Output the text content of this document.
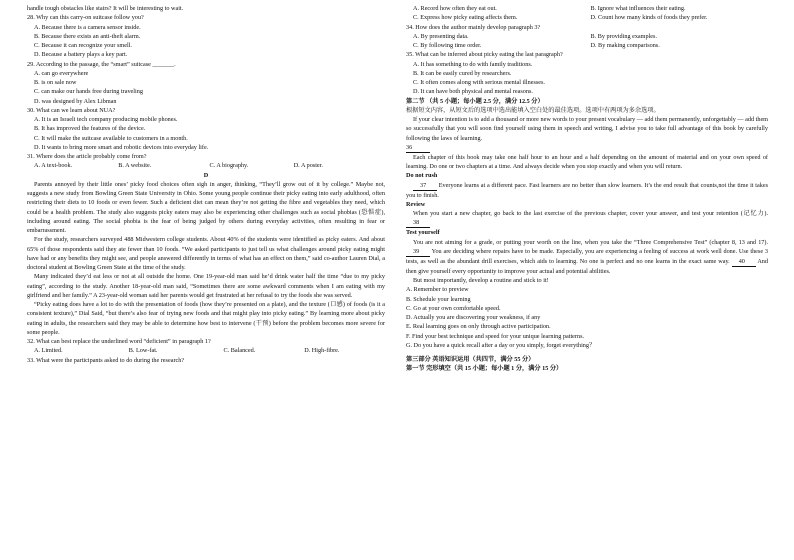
handle tough obstacles like stairs? It will be interesting to wait.
28. Why can this carry-on suitcase follow you?
A. Because there is a camera sensor inside.
B. Because there exists an anti-theft alarm.
C. Because it can recognize your smell.
D. Because a battery plays a key part.
29. According to the passage, the “smart” suitcase _______.
A. can go everywhere
B. is on sale now
C. can make our hands free during traveling
D. was designed by Alex Libman
30. What can we learn about NUA?
A. It is an Israeli tech company producing mobile phones.
B. It has improved the features of the device.
C. It will make the suitcase available to customers in a month.
D. It wants to bring more smart and robotic devices into everyday life.
31. Where does the article probably come from?
A. A text-book.	B. A website.	C. A biography.	D. A poster.
D

Parents annoyed by their little ones’ picky food choices often sigh in anger, thinking, “They’ll grow out of it by college.” Maybe not, suggests a new study from Bowling Green State University in Ohio. Some young people continue their picky eating into early adulthood, often restricting their diets to 10 foods or even fewer. Such a deficient diet can mean they’re not getting the fibre and vegetables they need, which could be a health problem. The study also suggests picky eaters may also be experiencing other challenges such as social phobias (恐惧症), including around eating. The social phobia is the fear of being judged by others during everyday activities, often resulting in fear or embarrassment.

For the study, researchers surveyed 488 Midwestern college students. About 40% of the students were identified as picky eaters. And about 65% of those respondents said they ate fewer than 10 foods. “We asked participants to just tell us what challenges around picky eating might have had or any benefits they might see, and people answered differently in terms of what has an effect on them,” said co-author Lauren Dial, a doctoral student at Bowling Green State at the time of the study.

Many indicated they’d eat less or not at all outside the home. One 19-year-old man said he’d drink water half the time “due to my picky eating”, according to the study. Another 18-year-old man said, “Sometimes there are some awkward comments when I am eating with my girlfriend and her family.” A 23-year-old woman said her parents would get frustrated at her refusal to try the foods she was served.

“Picky eating does have a lot to do with the presentation of foods (how they’re presented on a plate), and the texture (口感) of foods (is it a consistent texture),” Dial Said, “but there’s also fear of trying new foods and that might play into picky eating.” By learning more about picky eating in adults, the researchers said they may be able to determine how best to intervene (干预) before the problem becomes more severe for some people.

32. What can best replace the underlined word “deficient” in paragraph 1?
A. Limited.	B. Low-fat.	C. Balanced.	D. High-fibre.
33. What were the participants asked to do during the research?
A. Record how often they eat out.	B. Ignore what influences their eating.
C. Express how picky eating affects them.	D. Count how many kinds of foods they prefer.
34. How does the author mainly develop paragraph 3?
A. By presenting data.	B. By providing examples.
C. By following time order.	D. By making comparisons.
35. What can be inferred about picky eating the last paragraph?
A. It has something to do with family traditions.
B. It can be easily cured by researchers.
C. It often comes along with serious mental illnesses.
D. It can have both physical and mental reasons.
第二节 （共 5 小题；每小题 2.5 分，满分 12.5 分）
根据短文内容，从短文后的选项中选出能填入空白处的最佳选项。选项中有两项为多余选项。

If your clear intention is to add a thousand or more new words to your present vocabulary — add them permanently, unforgettably — add them so successfully that you will soon find yourself using them in speech and writing, I advise you to take full advantage of this book by carefully following the laws of learning.

36

Each chapter of this book may take one half hour to an hour and a half depending on the amount of material and on your own speed of learning. Do one or two chapters at a time. And always decide when you stop exactly and when you will return.

Do not rush

37 Everyone learns at a different pace. Fast learners are no better than slow learners. It’s the end result that counts,not the time it takes you to finish.

Review

When you start a new chapter, go back to the last exercise of the previous chapter, cover your answer, and test your retention (记忆力). 38

Test yourself

You are not aiming for a grade, or putting your worth on the line, when you take the “Three Comprehensive Test” (chapter 8, 13 and 17). 39 You are deciding where repairs have to be made. Especially, you are experiencing a feeling of success at work well done. Use these 3 tests, as well as the abundant drill exercises, which aids to learning. No one is perfect and no one learns in the exact same way. 40 And then give yourself every opportunity to improve your actual and potential abilities.

But most importantly, develop a routine and stick to it!

A. Remember to preview
B. Schedule your learning
C. Go at your own comfortable speed.
D. Actually you are discovering your weakness, if any
E. Real learning goes on only through active participation.
F. Find your best technique and speed for your unique learning patterns.
G. Do you have a quick recall after a day or you simply, forget everything？
第三部分 英语知识运用（共四节，满分 55 分）
第一节 完形填空（共 15 小题；每小题 1 分，满分 15 分）
